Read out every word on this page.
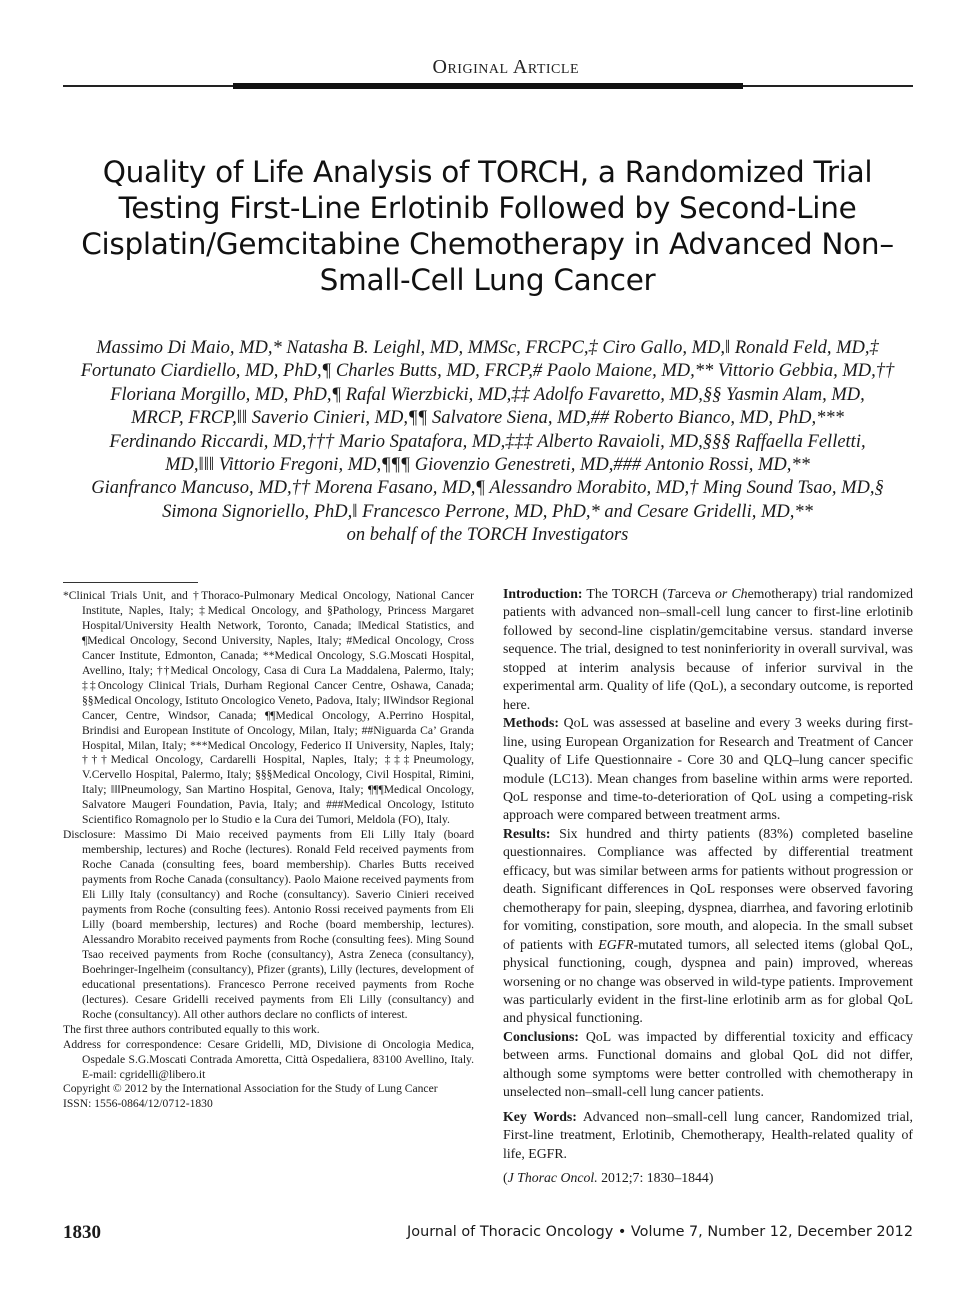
Original Article
Quality of Life Analysis of TORCH, a Randomized Trial Testing First-Line Erlotinib Followed by Second-Line Cisplatin/Gemcitabine Chemotherapy in Advanced Non–Small-Cell Lung Cancer
Massimo Di Maio, MD,* Natasha B. Leighl, MD, MMSc, FRCPC,‡ Ciro Gallo, MD,‖ Ronald Feld, MD,‡
Fortunato Ciardiello, MD, PhD,¶ Charles Butts, MD, FRCP,# Paolo Maione, MD,** Vittorio Gebbia, MD,††
Floriana Morgillo, MD, PhD,¶ Rafal Wierzbicki, MD,‡‡ Adolfo Favaretto, MD,§§ Yasmin Alam, MD,
MRCP, FRCP,‖‖ Saverio Cinieri, MD,¶¶ Salvatore Siena, MD,## Roberto Bianco, MD, PhD,***
Ferdinando Riccardi, MD,††† Mario Spatafora, MD,‡‡‡ Alberto Ravaioli, MD,§§§ Raffaella Felletti,
MD,‖‖‖ Vittorio Fregoni, MD,¶¶¶ Giovenzio Genestreti, MD,### Antonio Rossi, MD,**
Gianfranco Mancuso, MD,†† Morena Fasano, MD,¶ Alessandro Morabito, MD,† Ming Sound Tsao, MD,§
Simona Signoriello, PhD,‖ Francesco Perrone, MD, PhD,* and Cesare Gridelli, MD,**
on behalf of the TORCH Investigators

*Clinical Trials Unit, and †Thoraco-Pulmonary Medical Oncology, National Cancer Institute, Naples, Italy; ‡Medical Oncology, and §Pathology, Princess Margaret Hospital/University Health Network, Toronto, Canada; ‖Medical Statistics, and ¶Medical Oncology, Second University, Naples, Italy; #Medical Oncology, Cross Cancer Institute, Edmonton, Canada; **Medical Oncology, S.G.Moscati Hospital, Avellino, Italy; ††Medical Oncology, Casa di Cura La Maddalena, Palermo, Italy; ‡‡Oncology Clinical Trials, Durham Regional Cancer Centre, Oshawa, Canada; §§Medical Oncology, Istituto Oncologico Veneto, Padova, Italy; ‖‖Windsor Regional Cancer, Centre, Windsor, Canada; ¶¶Medical Oncology, A.Perrino Hospital, Brindisi and European Institute of Oncology, Milan, Italy; ##Niguarda Ca’ Granda Hospital, Milan, Italy; ***Medical Oncology, Federico II University, Naples, Italy; †††Medical Oncology, Cardarelli Hospital, Naples, Italy; ‡‡‡Pneumology, V.Cervello Hospital, Palermo, Italy; §§§Medical Oncology, Civil Hospital, Rimini, Italy; ‖‖‖Pneumology, San Martino Hospital, Genova, Italy; ¶¶¶Medical Oncology, Salvatore Maugeri Foundation, Pavia, Italy; and ###Medical Oncology, Istituto Scientifico Romagnolo per lo Studio e la Cura dei Tumori, Meldola (FO), Italy.

Disclosure: Massimo Di Maio received payments from Eli Lilly Italy (board membership, lectures) and Roche (lectures). Ronald Feld received payments from Roche Canada (consulting fees, board membership). Charles Butts received payments from Roche Canada (consultancy). Paolo Maione received payments from Eli Lilly Italy (consultancy) and Roche (consultancy). Saverio Cinieri received payments from Roche (consulting fees). Antonio Rossi received payments from Eli Lilly (board membership, lectures) and Roche (board membership, lectures). Alessandro Morabito received payments from Roche (consulting fees). Ming Sound Tsao received payments from Roche (consultancy), Astra Zeneca (consultancy), Boehringer-Ingelheim (consultancy), Pfizer (grants), Lilly (lectures, development of educational presentations). Francesco Perrone received payments from Roche (lectures). Cesare Gridelli received payments from Eli Lilly (consultancy) and Roche (consultancy). All other authors declare no conflicts of interest.

The first three authors contributed equally to this work.

Address for correspondence: Cesare Gridelli, MD, Divisione di Oncologia Medica, Ospedale S.G.Moscati Contrada Amoretta, Città Ospedaliera, 83100 Avellino, Italy. E-mail: cgridelli@libero.it

Copyright © 2012 by the International Association for the Study of Lung Cancer

ISSN: 1556-0864/12/0712-1830

Introduction: The TORCH (Tarceva or Chemotherapy) trial randomized patients with advanced non–small-cell lung cancer to first-line erlotinib followed by second-line cisplatin/gemcitabine versus. standard inverse sequence. The trial, designed to test noninferiority in overall survival, was stopped at interim analysis because of inferior survival in the experimental arm. Quality of life (QoL), a secondary outcome, is reported here.

Methods: QoL was assessed at baseline and every 3 weeks during first-line, using European Organization for Research and Treatment of Cancer Quality of Life Questionnaire - Core 30 and QLQ–lung cancer specific module (LC13). Mean changes from baseline within arms were reported. QoL response and time-to-deterioration of QoL using a competing-risk approach were compared between treatment arms.

Results: Six hundred and thirty patients (83%) completed baseline questionnaires. Compliance was affected by differential treatment efficacy, but was similar between arms for patients without progression or death. Significant differences in QoL responses were observed favoring chemotherapy for pain, sleeping, dyspnea, diarrhea, and favoring erlotinib for vomiting, constipation, sore mouth, and alopecia. In the small subset of patients with EGFR-mutated tumors, all selected items (global QoL, physical functioning, cough, dyspnea and pain) improved, whereas worsening or no change was observed in wild-type patients. Improvement was particularly evident in the first-line erlotinib arm as for global QoL and physical functioning.

Conclusions: QoL was impacted by differential toxicity and efficacy between arms. Functional domains and global QoL did not differ, although some symptoms were better controlled with chemotherapy in unselected non–small-cell lung cancer patients.

Key Words: Advanced non–small-cell lung cancer, Randomized trial, First-line treatment, Erlotinib, Chemotherapy, Health-related quality of life, EGFR.

(J Thorac Oncol. 2012;7: 1830–1844)

1830	Journal of Thoracic Oncology • Volume 7, Number 12, December 2012
